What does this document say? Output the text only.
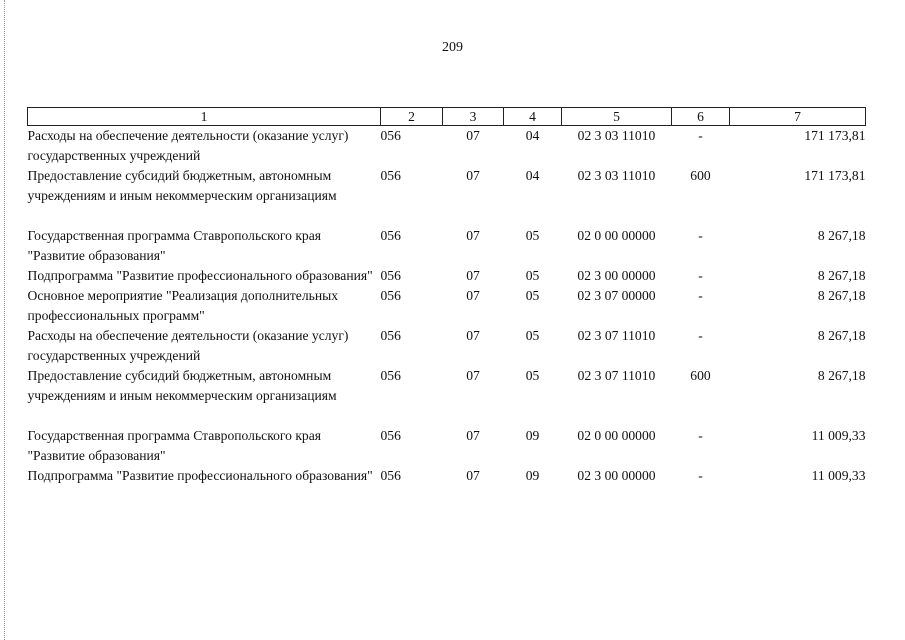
209
1	2	3	4	5	6	7
Расходы на обеспечение деятельности (оказание услуг) государственных учреждений	056	07	04	02 3 03 11010	-	171 173,81
Предоставление субсидий бюджетным, автономным учреждениям и иным некоммерческим организациям	056	07	04	02 3 03 11010	600	171 173,81

Государственная программа Ставропольского края "Развитие образования"	056	07	05	02 0 00 00000	-	8 267,18
Подпрограмма "Развитие профессионального образования"	056	07	05	02 3 00 00000	-	8 267,18
Основное мероприятие "Реализация дополнительных профессиональных программ"	056	07	05	02 3 07 00000	-	8 267,18
Расходы на обеспечение деятельности (оказание услуг) государственных учреждений	056	07	05	02 3 07 11010	-	8 267,18
Предоставление субсидий бюджетным, автономным учреждениям и иным некоммерческим организациям	056	07	05	02 3 07 11010	600	8 267,18

Государственная программа Ставропольского края "Развитие образования"	056	07	09	02 0 00 00000	-	11 009,33
Подпрограмма "Развитие профессионального образования"	056	07	09	02 3 00 00000	-	11 009,33
